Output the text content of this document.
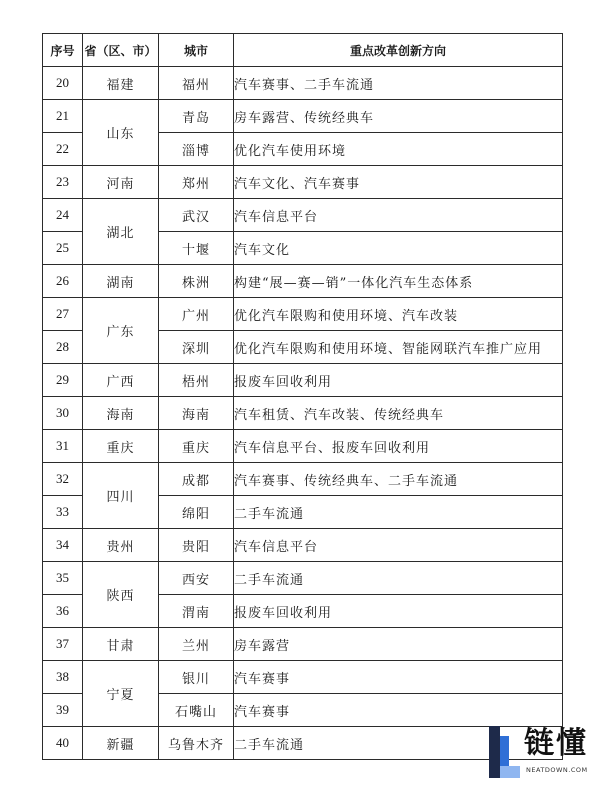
序号	省（区、市）	城市	重点改革创新方向
20	福建	福州	汽车赛事、二手车流通
21	山东	青岛	房车露营、传统经典车
22		淄博	优化汽车使用环境
23	河南	郑州	汽车文化、汽车赛事
24	湖北	武汉	汽车信息平台
25		十堰	汽车文化
26	湖南	株洲	构建“展—赛—销”一体化汽车生态体系
27	广东	广州	优化汽车限购和使用环境、汽车改装
28		深圳	优化汽车限购和使用环境、智能网联汽车推广应用
29	广西	梧州	报废车回收利用
30	海南	海南	汽车租赁、汽车改装、传统经典车
31	重庆	重庆	汽车信息平台、报废车回收利用
32	四川	成都	汽车赛事、传统经典车、二手车流通
33		绵阳	二手车流通
34	贵州	贵阳	汽车信息平台
35	陕西	西安	二手车流通
36		渭南	报废车回收利用
37	甘肃	兰州	房车露营
38	宁夏	银川	汽车赛事
39		石嘴山	汽车赛事
40	新疆	乌鲁木齐	二手车流通	链懂
NEATDOWN.COM
